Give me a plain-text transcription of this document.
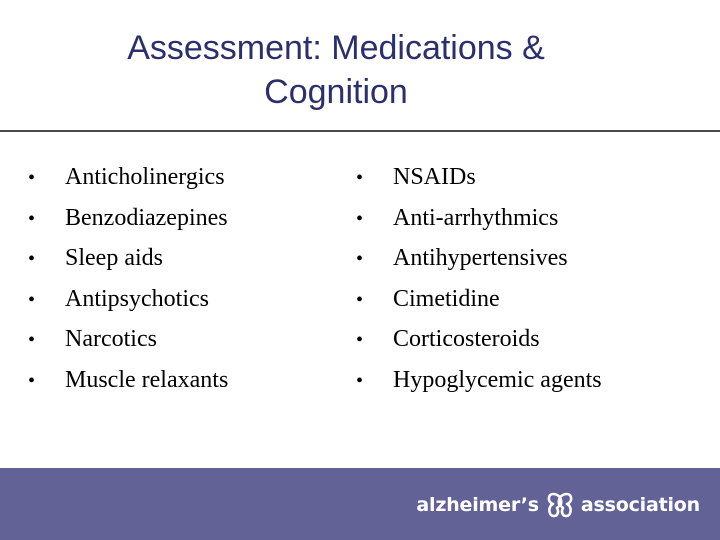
Assessment: Medications &
Cognition
• Anticholinergics
• Benzodiazepines
• Sleep aids
• Antipsychotics
• Narcotics
• Muscle relaxants
• NSAIDs
• Anti-arrhythmics
• Antihypertensives
• Cimetidine
• Corticosteroids
• Hypoglycemic agents
alzheimer’s association
